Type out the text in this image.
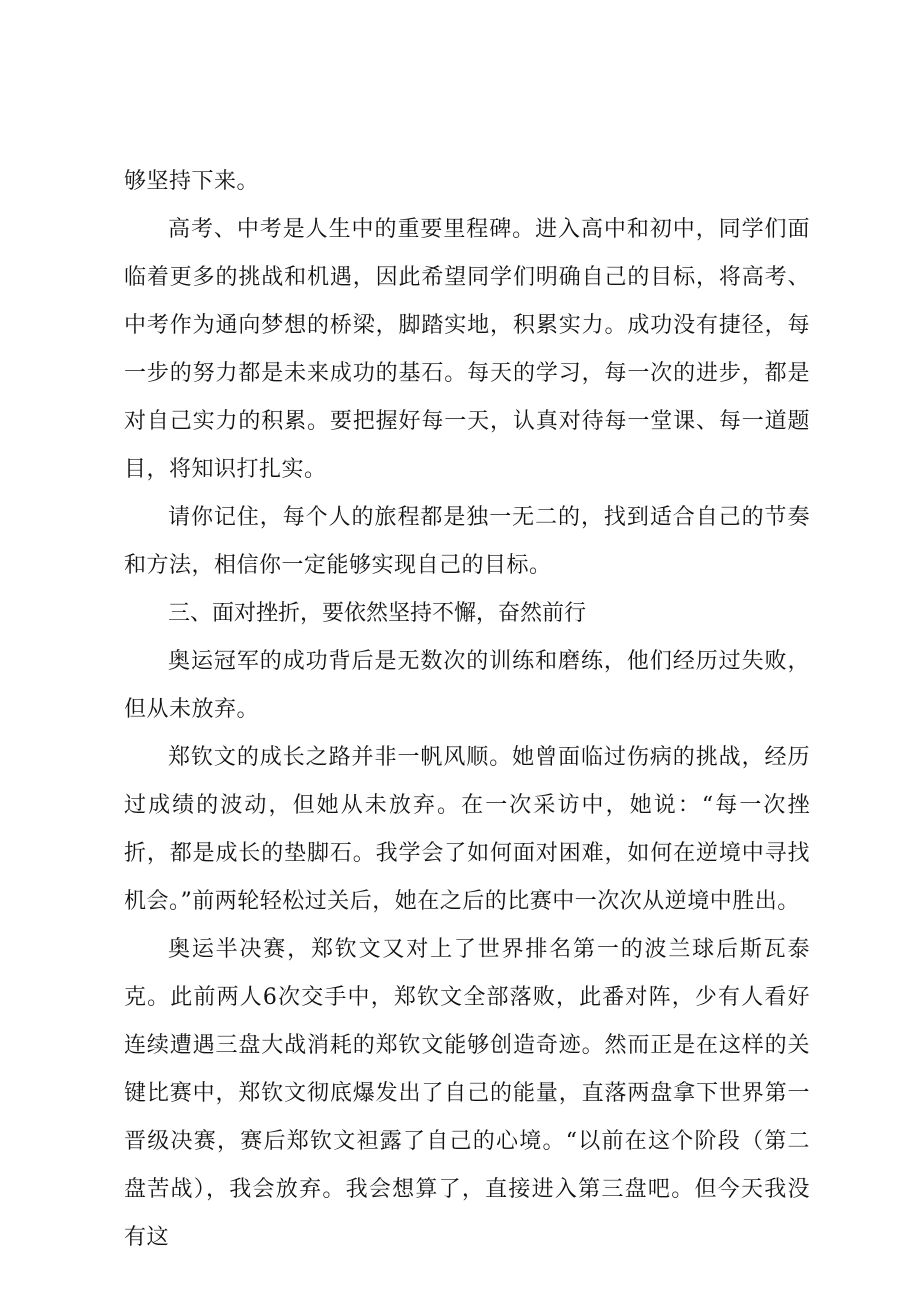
够坚持下来。

高考、中考是人生中的重要里程碑。进入高中和初中，同学们面临着更多的挑战和机遇，因此希望同学们明确自己的目标，将高考、中考作为通向梦想的桥梁，脚踏实地，积累实力。成功没有捷径，每一步的努力都是未来成功的基石。每天的学习，每一次的进步，都是对自己实力的积累。要把握好每一天，认真对待每一堂课、每一道题目，将知识打扎实。

请你记住，每个人的旅程都是独一无二的，找到适合自己的节奏和方法，相信你一定能够实现自己的目标。

三、面对挫折，要依然坚持不懈，奋然前行

奥运冠军的成功背后是无数次的训练和磨练，他们经历过失败，但从未放弃。

郑钦文的成长之路并非一帆风顺。她曾面临过伤病的挑战，经历过成绩的波动，但她从未放弃。在一次采访中，她说：“每一次挫折，都是成长的垫脚石。我学会了如何面对困难，如何在逆境中寻找机会。”前两轮轻松过关后，她在之后的比赛中一次次从逆境中胜出。

奥运半决赛，郑钦文又对上了世界排名第一的波兰球后斯瓦泰克。此前两人6次交手中，郑钦文全部落败，此番对阵，少有人看好连续遭遇三盘大战消耗的郑钦文能够创造奇迹。然而正是在这样的关键比赛中，郑钦文彻底爆发出了自己的能量，直落两盘拿下世界第一晋级决赛，赛后郑钦文袒露了自己的心境。“以前在这个阶段（第二盘苦战），我会放弃。我会想算了，直接进入第三盘吧。但今天我没有这
